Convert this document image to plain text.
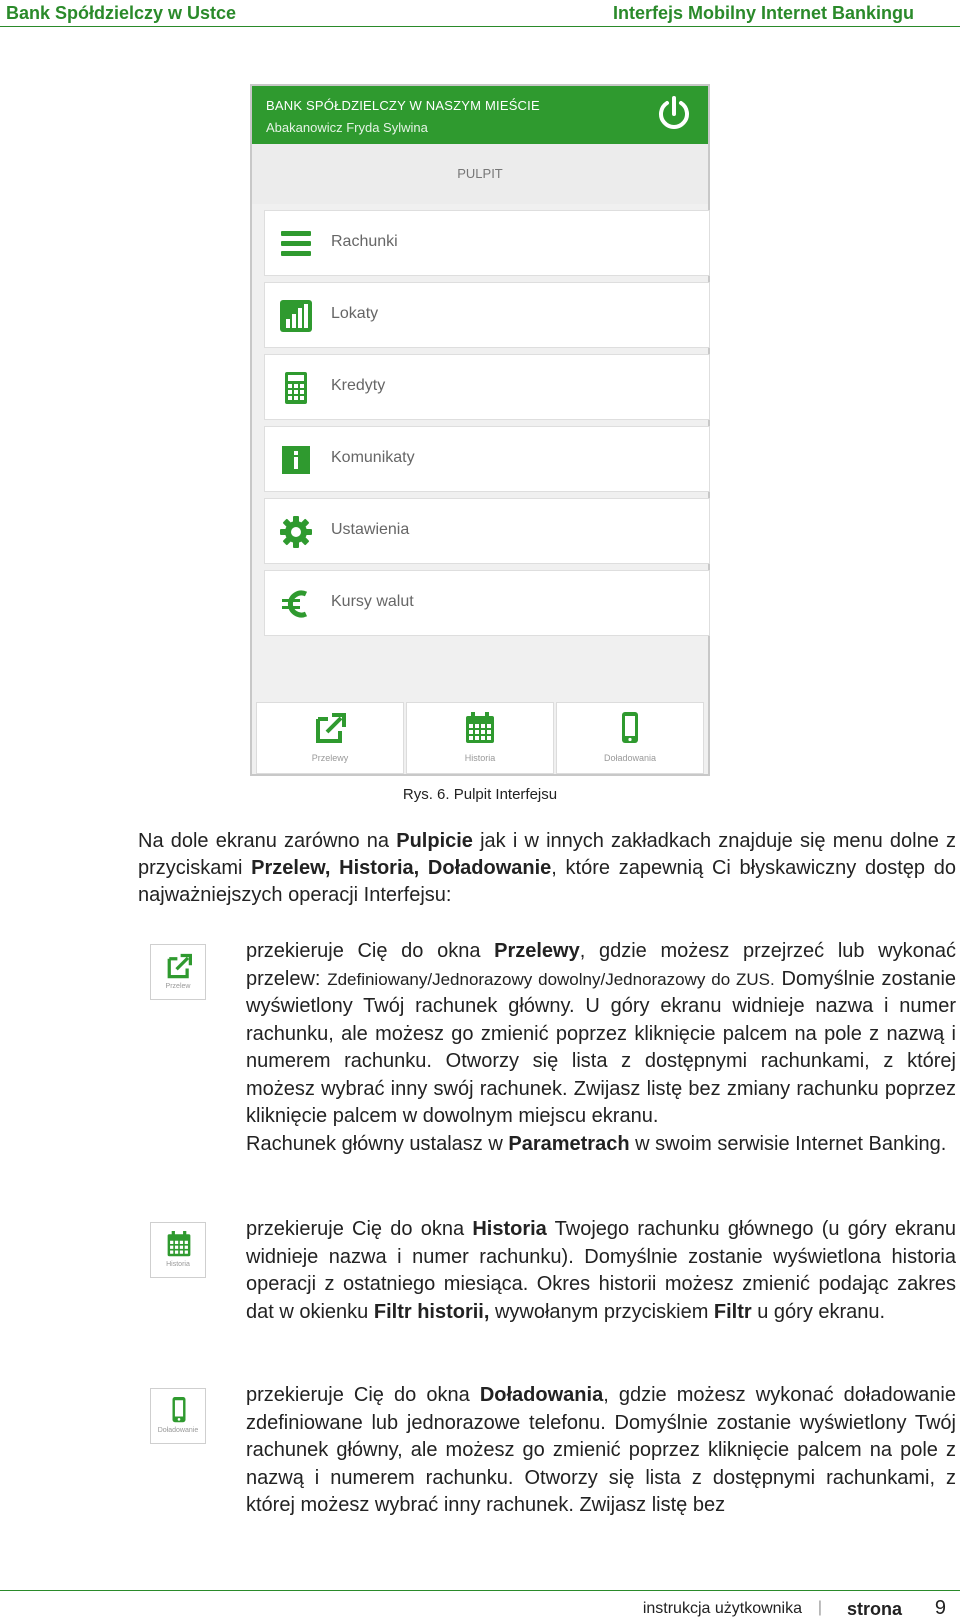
Bank Spółdzielczy w Ustce	Interfejs Mobilny Internet Bankingu
BANK SPÓŁDZIELCZY W NASZYM MIEŚCIE
Abakanowicz Fryda Sylwina
PULPIT
Rachunki
Lokaty
Kredyty
Komunikaty
Ustawienia
Kursy walut
Przelewy	Historia	Doładowania
Rys. 6. Pulpit Interfejsu

Na dole ekranu zarówno na Pulpicie jak i w innych zakładkach znajduje się menu dolne z przyciskami Przelew, Historia, Doładowanie, które zapewnią Ci błyskawiczny dostęp do najważniejszych operacji Interfejsu:

Przelew

przekieruje Cię do okna Przelewy, gdzie możesz przejrzeć lub wykonać przelew: Zdefiniowany/Jednorazowy dowolny/Jednorazowy do ZUS. Domyślnie zostanie wyświetlony Twój rachunek główny. U góry ekranu widnieje nazwa i numer rachunku, ale możesz go zmienić poprzez kliknięcie palcem na pole z nazwą i numerem rachunku. Otworzy się lista z dostępnymi rachunkami, z której możesz wybrać inny swój rachunek. Zwijasz listę bez zmiany rachunku poprzez kliknięcie palcem w dowolnym miejscu ekranu.
Rachunek główny ustalasz w Parametrach w swoim serwisie Internet Banking.

Historia

przekieruje Cię do okna Historia Twojego rachunku głównego (u góry ekranu widnieje nazwa i numer rachunku). Domyślnie zostanie wyświetlona historia operacji z ostatniego miesiąca. Okres historii możesz zmienić podając zakres dat w okienku Filtr historii, wywołanym przyciskiem Filtr u góry ekranu.

Doładowanie

przekieruje Cię do okna Doładowania, gdzie możesz wykonać doładowanie zdefiniowane lub jednorazowe telefonu. Domyślnie zostanie wyświetlony Twój rachunek główny, ale możesz go zmienić poprzez kliknięcie palcem na pole z nazwą i numerem rachunku. Otworzy się lista z dostępnymi rachunkami, z której możesz wybrać inny rachunek. Zwijasz listę bez

instrukcja użytkownika | strona 9
